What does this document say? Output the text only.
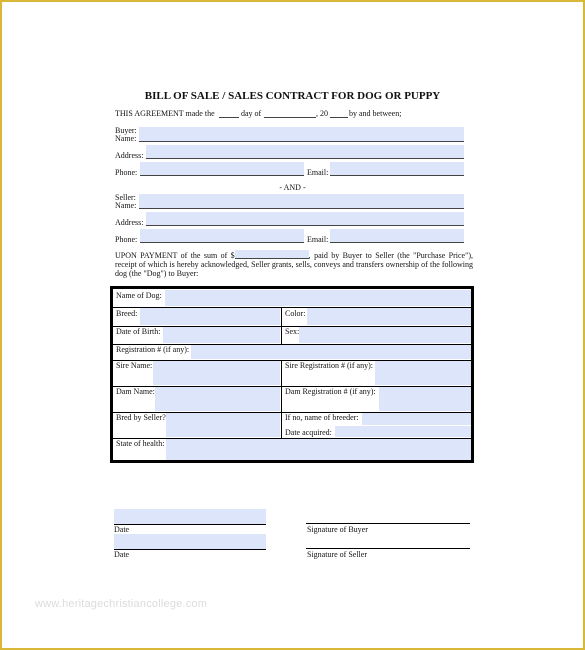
BILL OF SALE / SALES CONTRACT FOR DOG OR PUPPY
THIS AGREEMENT made the	day of	, 20	by and between;
Buyer:
Name:
Address:
Phone:	Email:
- AND -
Seller:
Name:
Address:
Phone:	Email:
UPON PAYMENT of the sum of $	, paid by Buyer to Seller (the "Purchase Price"), receipt of which is hereby acknowledged, Seller grants, sells, conveys and transfers ownership of the following dog (the "Dog") to Buyer:
Name of Dog:
Breed:	Color:
Date of Birth:	Sex:
Registration # (if any):
Sire Name:	Sire Registration # (if any):
Dam Name:	Dam Registration # (if any):
Bred by Seller?	If no, name of breeder:
Date acquired:
State of health:
Date	Signature of Buyer
Date	Signature of Seller
www.heritagechristiancollege.com
